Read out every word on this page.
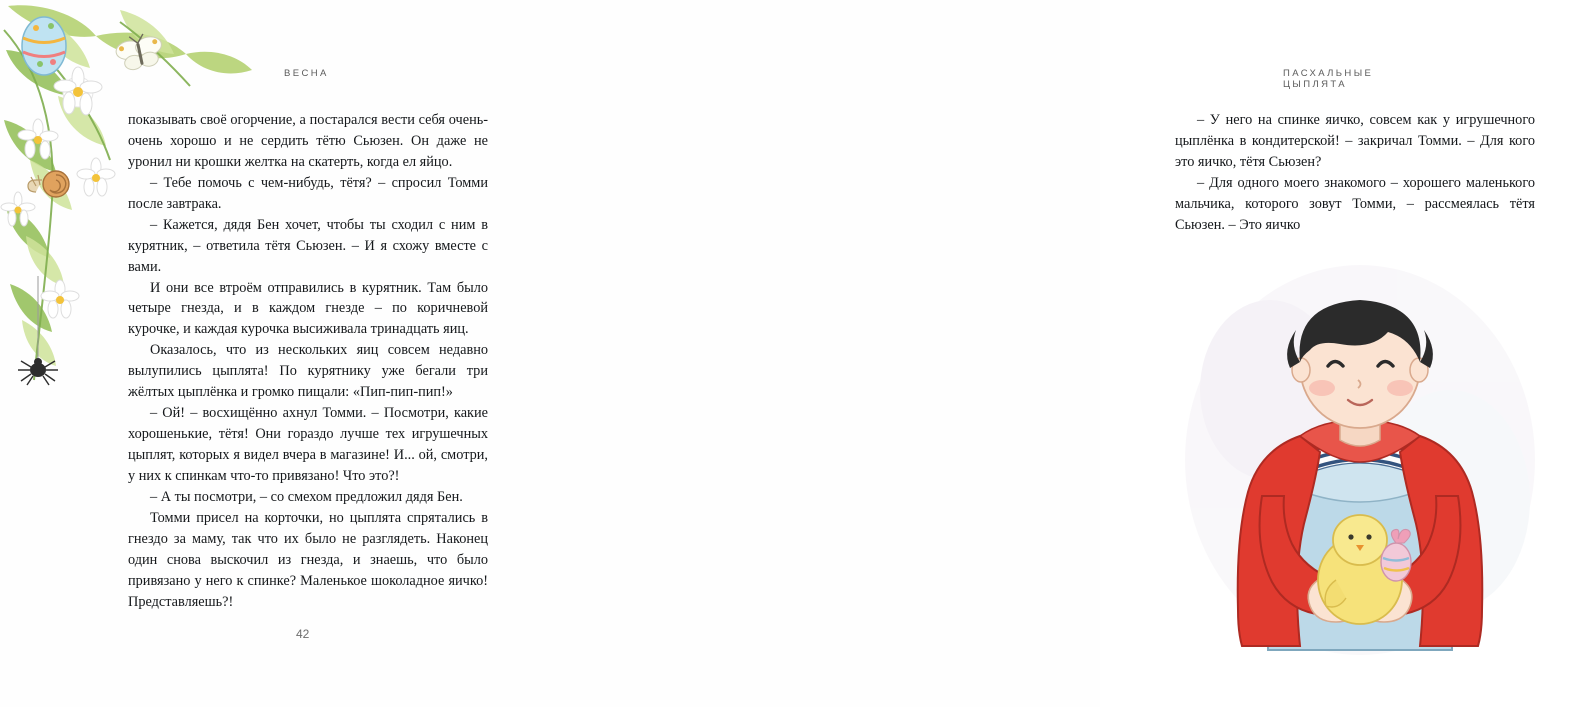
ВЕСНА

показывать своё огорчение, а постарался вести себя очень-очень хорошо и не сердить тётю Сьюзен. Он даже не уронил ни крошки желтка на скатерть, когда ел яйцо.

– Тебе помочь с чем-нибудь, тётя? – спросил Томми после завтрака.

– Кажется, дядя Бен хочет, чтобы ты сходил с ним в курятник, – ответила тётя Сьюзен. – И я схожу вместе с вами.

И они все втроём отправились в курятник. Там было четыре гнезда, и в каждом гнезде – по коричневой курочке, и каждая курочка высиживала тринадцать яиц.

Оказалось, что из нескольких яиц совсем недавно вылупились цыплята! По курятнику уже бегали три жёлтых цыплёнка и громко пищали: «Пип-пип-пип!»

– Ой! – восхищённо ахнул Томми. – Посмотри, какие хорошенькие, тётя! Они гораздо лучше тех игрушечных цыплят, которых я видел вчера в магазине! И... ой, смотри, у них к спинкам что-то привязано! Что это?!

– А ты посмотри, – со смехом предложил дядя Бен.

Томми присел на корточки, но цыплята спрятались в гнездо за маму, так что их было не разглядеть. Наконец один снова выскочил из гнезда, и знаешь, что было привязано у него к спинке? Маленькое шоколадное яичко! Представляешь?!

42
ПАСХАЛЬНЫЕ ЦЫПЛЯТА

– У него на спинке яичко, совсем как у игрушечного цыплёнка в кондитерской! – закричал Томми. – Для кого это яичко, тётя Сьюзен?

– Для одного моего знакомого – хорошего маленького мальчика, которого зовут Томми, – рассмеялась тётя Сьюзен. – Это яичко
